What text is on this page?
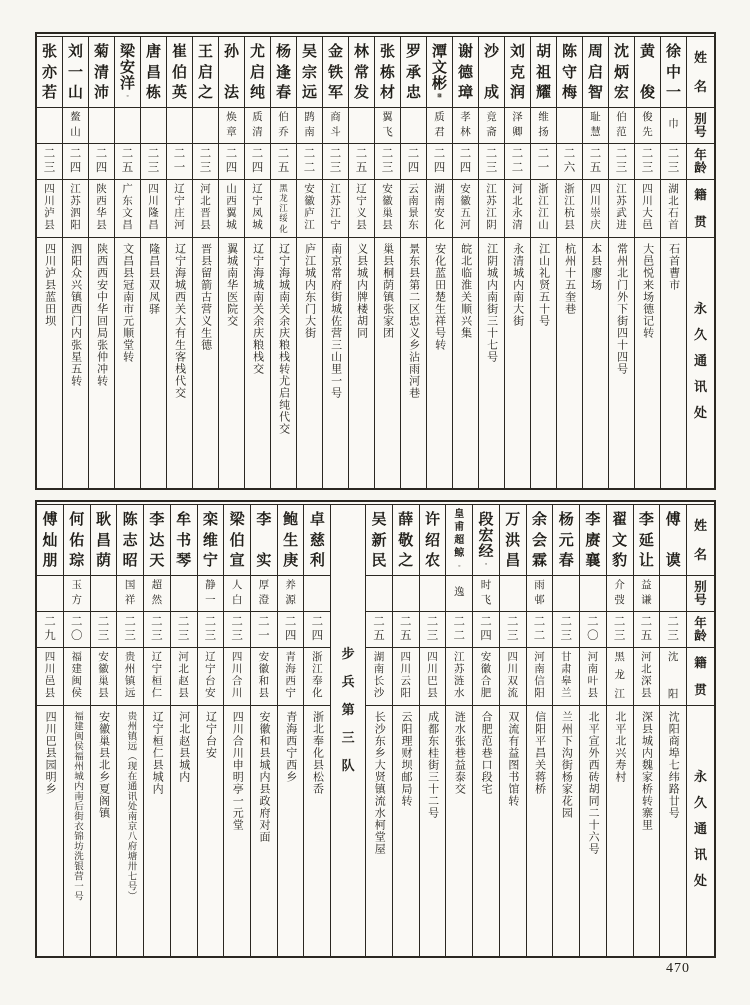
姓
名
别
号
年
龄
籍
贯
永
久
通
讯
处
徐
中
一
巾
二
三
湖
北
石
首
石首曹市
黄
俊
俊
先
二
三
四
川
大
邑
大邑悦来场德记转
沈
炳
宏
伯
范
二
三
江
苏
武
进
常州北门外下街四十四号
周
启
智
耻
慧
二
五
四
川
崇
庆
本县廖场
陈
守
梅
二
六
浙
江
杭
县
杭州十五奎巷
胡
祖
耀
维
扬
二
一
浙
江
江
山
江山礼贤五十号
刘
克
润
泽
卿
二
二
河
北
永
清
永清城内南大街
沙
成
竟
斋
二
三
江
苏
江
阴
江阴城内南街三十七号
谢
德
璋
孝
林
二
四
安
徽
五
河
皖北临淮关顺兴集
潭
文
彬
⑧
质
君
二
四
湖
南
安
化
安化蓝田楚生祥号转
罗
承
忠
二
四
云
南
景
东
景东县第二区忠义乡沾雨河巷
张
栋
材
翼
飞
二
三
安
徽
巢
县
巢县桐荫镇张家团
林
常
发
二
五
辽
宁
义
县
义县城内牌楼胡同
金
铁
军
商
斗
二
三
江
苏
江
宁
南京常府街城佐营三山里一号
吴
宗
远
鹍
南
二
二
安
徽
庐
江
庐江城内东门大街
杨
逢
春
伯
乔
二
五
黑
龙
江
绥
化
辽宁海城南关余庆粮栈转尤启纯代交
尤
启
纯
质
清
二
四
辽
宁
凤
城
辽宁海城南关余庆粮栈交
孙
法
焕
章
二
四
山
西
翼
城
翼城南华医院交
王
启
之
二
三
河
北
晋
县
晋县留箭古营义生德
崔
伯
英
二
一
辽
宁
庄
河
辽宁海城西关大有生客栈代交
唐
昌
栋
二
三
四
川
隆
昌
隆昌县双凤驿
梁
安
洋
◦
二
五
广
东
文
昌
文昌县冠南市元顺堂转
菊
清
沛
二
四
陕
西
华
县
陕西西安中华回局张仲冲转
刘
一
山
鳌
山
二
四
江
苏
泗
阳
泗阳众兴镇西门内张星五转
张
亦
若
二
三
四
川
泸
县
四川泸县蓝田坝
姓
名
别
号
年
龄
籍
贯
永
久
通
讯
处
傅
谟
二
三
沈
阳
沈阳商埠七纬路廿号
李
延
让
益
谦
二
五
河
北
深
县
深县城内魏家桥转寨里
翟
文
豹
介
弢
二
三
黑
龙
江
北平北兴寿村
李
赓
襄
二
〇
河
南
叶
县
北平宣外西砖胡同二十六号
杨
元
春
二
三
甘
肃
皋
兰
兰州下沟街杨家花园
余
会
霖
雨
邨
二
二
河
南
信
阳
信阳平昌关蒋桥
万
洪
昌
二
三
四
川
双
流
双流有益图书馆转
段
宏
经
◦
时
飞
二
四
安
徽
合
肥
合肥范巷口段宅
皇
甫
超
鲸
◦
逸
二
二
江
苏
涟
水
涟水张巷益泰交
许
绍
农
二
三
四
川
巴
县
成都东桂街三十二号
薛
敬
之
二
五
四
川
云
阳
云阳理财坝邮局转
吴
新
民
二
五
湖
南
长
沙
长沙东乡大贤镇流水柯堂屋
步
兵
第
三
队
卓
慈
利
二
四
浙
江
奉
化
浙北奉化县松岙
鲍
生
庚
养
源
二
四
青
海
西
宁
青海西宁西乡
李
实
厚
澄
二
一
安
徽
和
县
安徽和县城内县政府对面
梁
伯
宣
人
白
二
三
四
川
合
川
四川合川申明亭一元堂
栾
维
宁
静
一
二
三
辽
宁
台
安
辽宁台安
牟
书
琴
二
三
河
北
赵
县
河北赵县城内
李
达
天
超
然
二
三
辽
宁
桓
仁
辽宁桓仁县城内
陈
志
昭
国
祥
二
三
贵
州
镇
远
贵州镇远（现在通讯处南京八府塘卅七号）
耿
昌
荫
二
三
安
徽
巢
县
安徽巢县北乡夏阁镇
何
佑
琮
玉
方
二
〇
福
建
闽
侯
福建闽侯福州城内南后街衣锦坊洗银营一号
傅
灿
朋
二
九
四
川
邑
县
四川巴县园明乡
470
